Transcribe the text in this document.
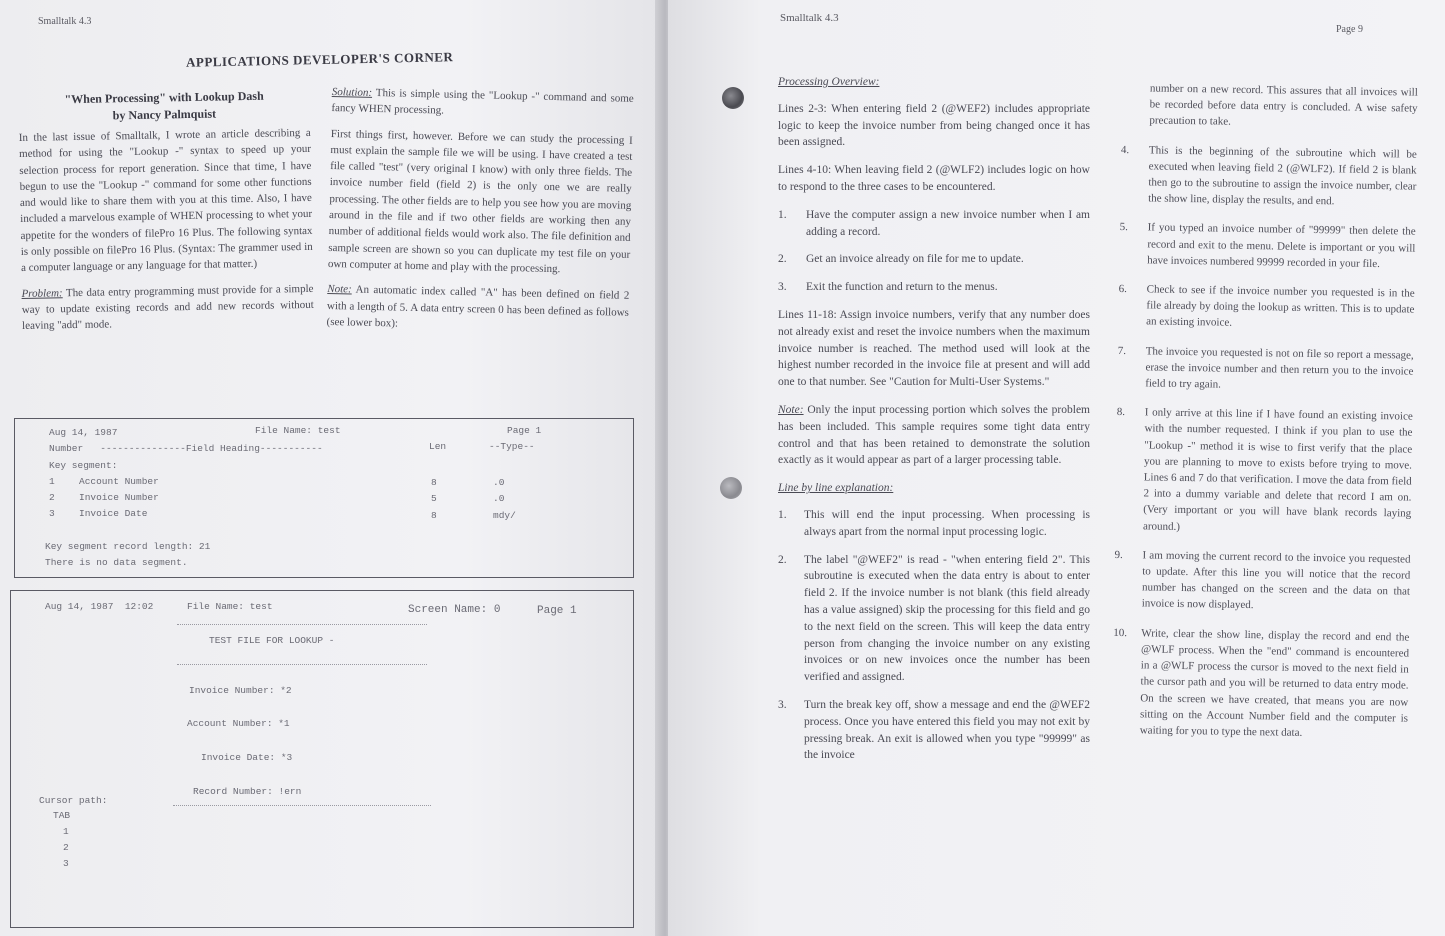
Smalltalk 4.3
APPLICATIONS DEVELOPER'S CORNER
"When Processing" with Lookup Dash
by Nancy Palmquist

In the last issue of Smalltalk, I wrote an article describing a method for using the "Lookup -" syntax to speed up your selection process for report generation. Since that time, I have begun to use the "Lookup -" command for some other functions and would like to share them with you at this time. Also, I have included a marvelous example of WHEN processing to whet your appetite for the wonders of filePro 16 Plus. The following syntax is only possible on filePro 16 Plus. (Syntax: The grammer used in a computer language or any language for that matter.)

Problem: The data entry programming must provide for a simple way to update existing records and add new records without leaving "add" mode.

Solution: This is simple using the "Lookup -" command and some fancy WHEN processing.

First things first, however. Before we can study the processing I must explain the sample file we will be using. I have created a test file called "test" (very original I know) with only three fields. The invoice number field (field 2) is the only one we are really processing. The other fields are to help you see how you are moving around in the file and if two other fields are working then any number of additional fields would work also. The file definition and sample screen are shown so you can duplicate my test file on your own computer at home and play with the processing.

Note: An automatic index called "A" has been defined on field 2 with a length of 5. A data entry screen 0 has been defined as follows (see lower box):

Aug 14, 1987	File Name: test	Page 1
Number   ---------------Field Heading-----------	Len	--Type--
Key segment:
1	Account Number	8	.0
2	Invoice Number	5	.0
3	Invoice Date	8	mdy/
Key segment record length: 21
There is no data segment.
Aug 14, 1987  12:02	File Name: test	Screen Name: 0	Page 1
TEST FILE FOR LOOKUP -
Invoice Number: *2
Account Number: *1
Invoice Date: *3
Record Number: !ern
Cursor path:
TAB
1
2
3
Smalltalk 4.3
Page 9

Processing Overview:

Lines 2-3: When entering field 2 (@WEF2) includes appropriate logic to keep the invoice number from being changed once it has been assigned.

Lines 4-10: When leaving field 2 (@WLF2) includes logic on how to respond to the three cases to be encountered.

1. Have the computer assign a new invoice number when I am adding a record.
2. Get an invoice already on file for me to update.
3. Exit the function and return to the menus.

Lines 11-18: Assign invoice numbers, verify that any number does not already exist and reset the invoice numbers when the maximum invoice number is reached. The method used will look at the highest number recorded in the invoice file at present and will add one to that number. See "Caution for Multi-User Systems."

Note: Only the input processing portion which solves the problem has been included. This sample requires some tight data entry control and that has been retained to demonstrate the solution exactly as it would appear as part of a larger processing table.

Line by line explanation:

1. This will end the input processing. When processing is always apart from the normal input processing logic.
2. The label "@WEF2" is read - "when entering field 2". This subroutine is executed when the data entry is about to enter field 2. If the invoice number is not blank (this field already has a value assigned) skip the processing for this field and go to the next field on the screen. This will keep the data entry person from changing the invoice number on any existing invoices or on new invoices once the number has been verified and assigned.
3. Turn the break key off, show a message and end the @WEF2 process. Once you have entered this field you may not exit by pressing break. An exit is allowed when you type "99999" as the invoice

number on a new record. This assures that all invoices will be recorded before data entry is concluded. A wise safety precaution to take.

4. This is the beginning of the subroutine which will be executed when leaving field 2 (@WLF2). If field 2 is blank then go to the subroutine to assign the invoice number, clear the show line, display the results, and end.
5. If you typed an invoice number of "99999" then delete the record and exit to the menu. Delete is important or you will have invoices numbered 99999 recorded in your file.
6. Check to see if the invoice number you requested is in the file already by doing the lookup as written. This is to update an existing invoice.
7. The invoice you requested is not on file so report a message, erase the invoice number and then return you to the invoice field to try again.
8. I only arrive at this line if I have found an existing invoice with the number requested. I think if you plan to use the "Lookup -" method it is wise to first verify that the place you are planning to move to exists before trying to move. Lines 6 and 7 do that verification. I move the data from field 2 into a dummy variable and delete that record I am on. (Very important or you will have blank records laying around.)
9. I am moving the current record to the invoice you requested to update. After this line you will notice that the record number has changed on the screen and the data on that invoice is now displayed.
10. Write, clear the show line, display the record and end the @WLF process. When the "end" command is encountered in a @WLF process the cursor is moved to the next field in the cursor path and you will be returned to data entry mode. On the screen we have created, that means you are now sitting on the Account Number field and the computer is waiting for you to type the next data.
